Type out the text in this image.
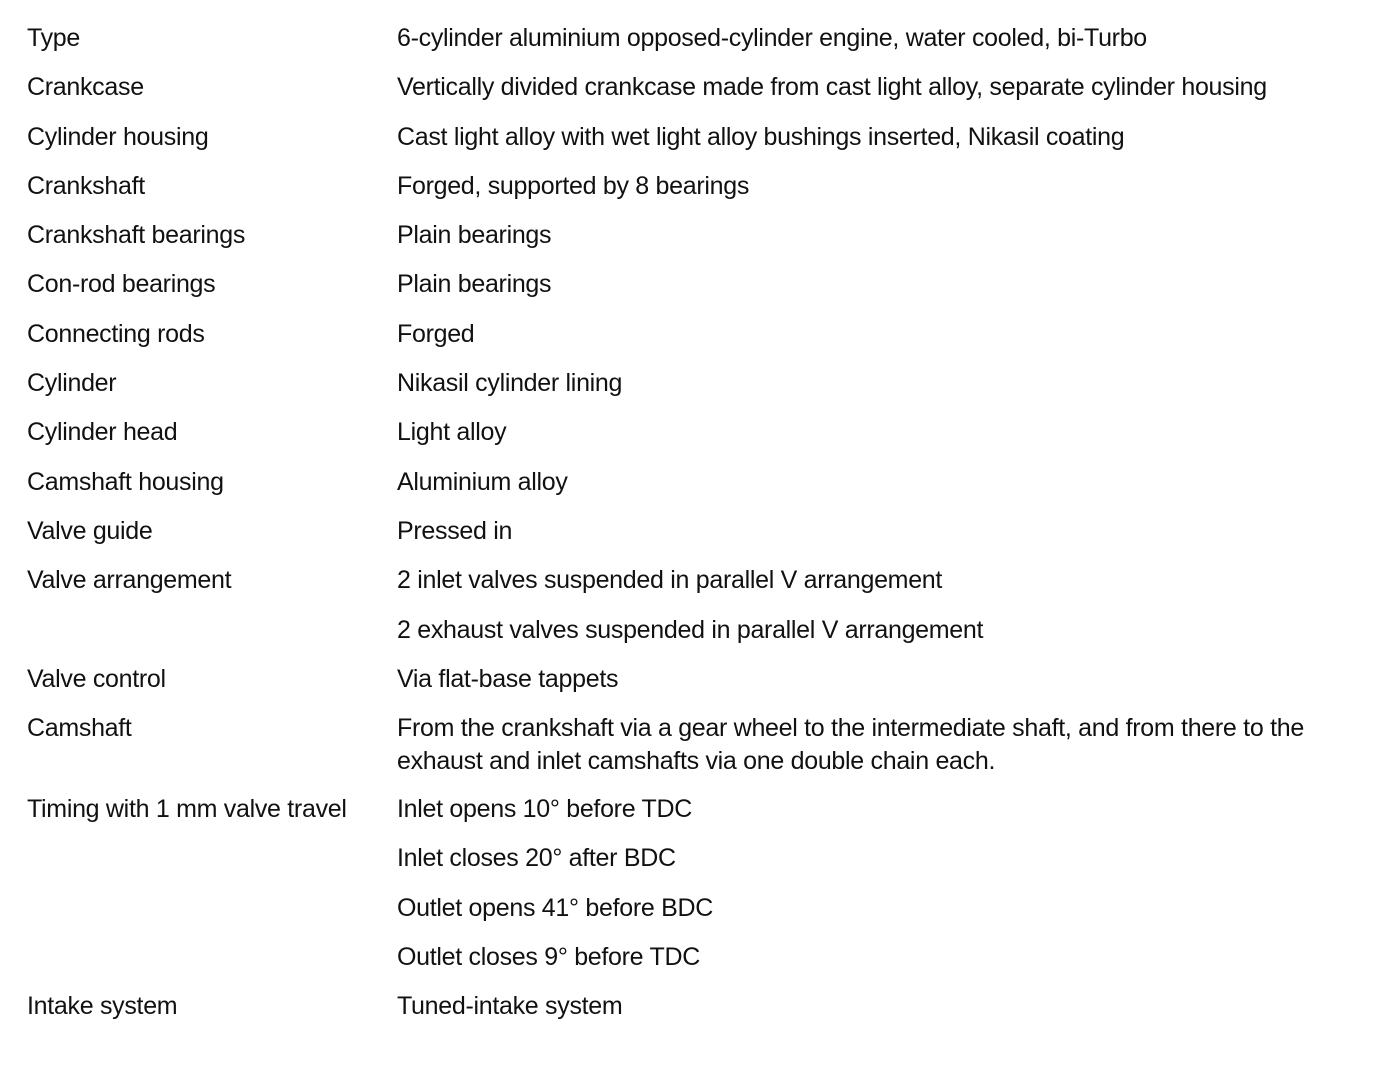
Type	6-cylinder aluminium opposed-cylinder engine, water cooled, bi-Turbo
Crankcase	Vertically divided crankcase made from cast light alloy, separate cylinder housing
Cylinder housing	Cast light alloy with wet light alloy bushings inserted, Nikasil coating
Crankshaft	Forged, supported by 8 bearings
Crankshaft bearings	Plain bearings
Con-rod bearings	Plain bearings
Connecting rods	Forged
Cylinder	Nikasil cylinder lining
Cylinder head	Light alloy
Camshaft housing	Aluminium alloy
Valve guide	Pressed in
Valve arrangement	2 inlet valves suspended in parallel V arrangement
2 exhaust valves suspended in parallel V arrangement
Valve control	Via flat-base tappets
Camshaft	From the crankshaft via a gear wheel to the intermediate shaft, and from there to the exhaust and inlet camshafts via one double chain each.
Timing with 1 mm valve travel	Inlet opens 10° before TDC
Inlet closes 20° after BDC
Outlet opens 41° before BDC
Outlet closes 9° before TDC
Intake system	Tuned-intake system
